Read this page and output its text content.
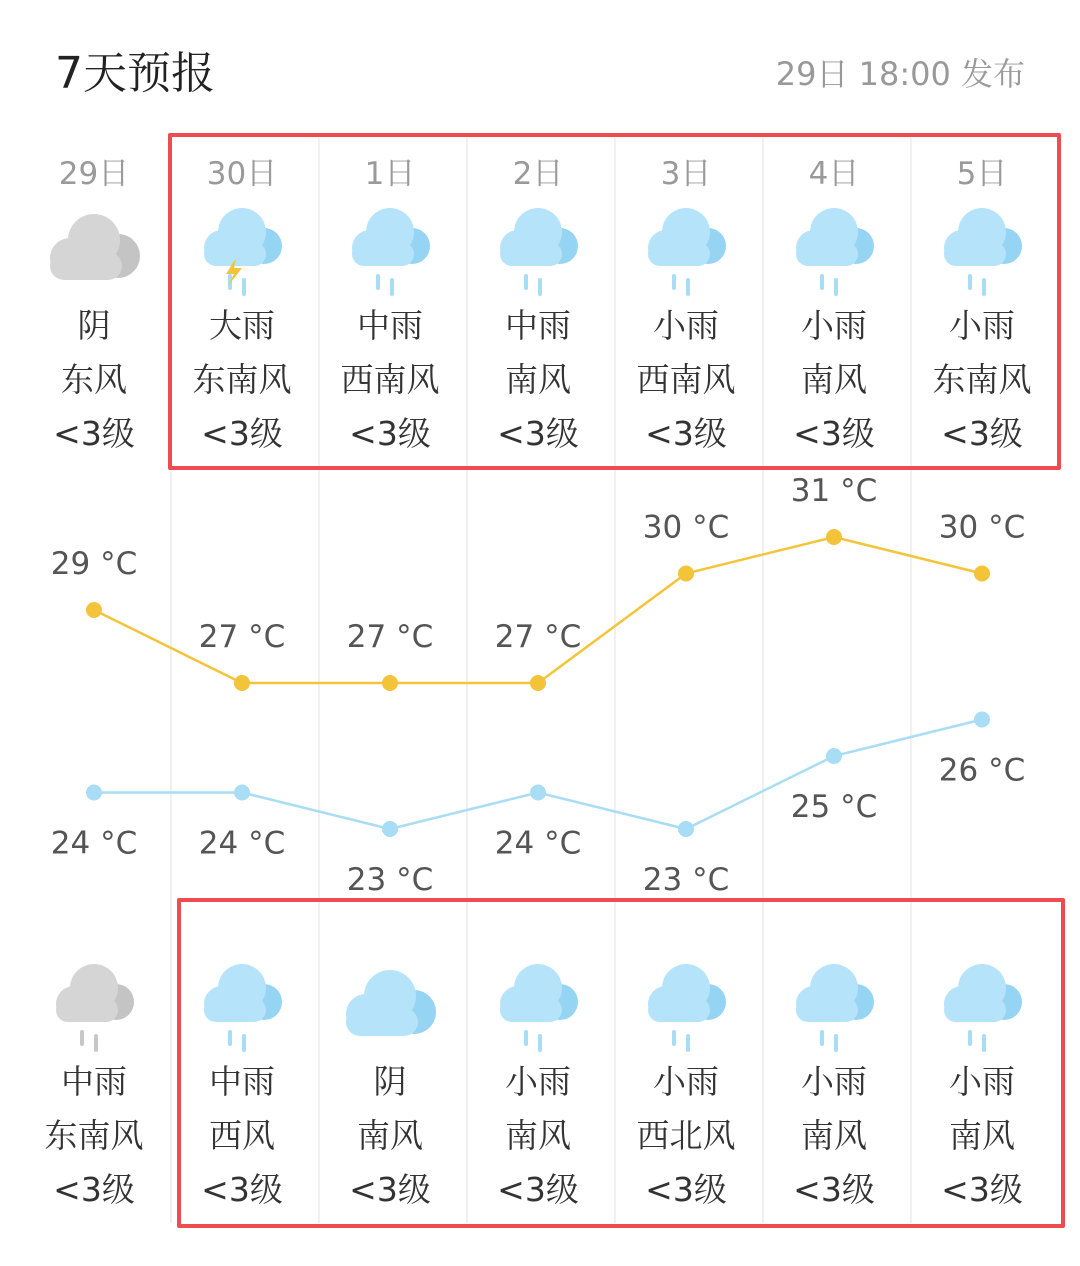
7天预报	29日 18:00 发布
29日
阴
东风
<3级
中雨
东南风
<3级
30日
大雨
东南风
<3级
中雨
西风
<3级
1日
中雨
西南风
<3级
阴
南风
<3级
2日
中雨
南风
<3级
小雨
南风
<3级
3日
小雨
西南风
<3级
小雨
西北风
<3级
4日
小雨
南风
<3级
小雨
南风
<3级
5日
小雨
东南风
<3级
小雨
南风
<3级
29 °C
27 °C 27 °C 27 °C
30 °C
31 °C
30 °C
24 °C 24 °C
23 °C
24 °C
23 °C
25 °C
26 °C
